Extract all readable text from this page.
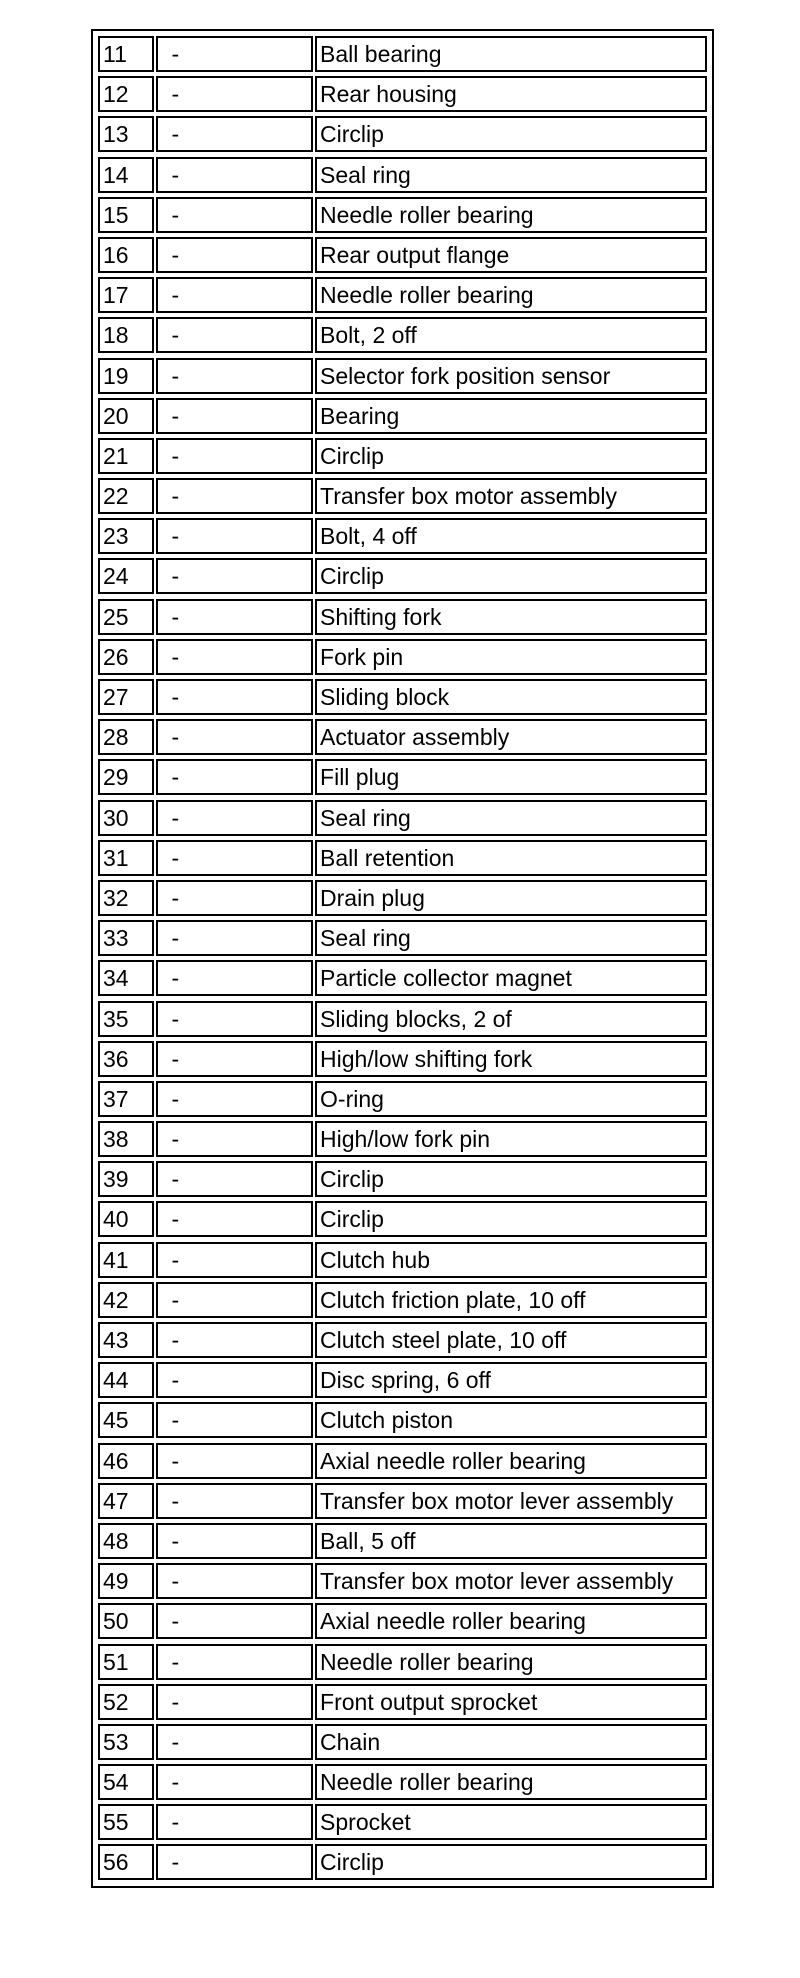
11	-	Ball bearing
12	-	Rear housing
13	-	Circlip
14	-	Seal ring
15	-	Needle roller bearing
16	-	Rear output flange
17	-	Needle roller bearing
18	-	Bolt, 2 off
19	-	Selector fork position sensor
20	-	Bearing
21	-	Circlip
22	-	Transfer box motor assembly
23	-	Bolt, 4 off
24	-	Circlip
25	-	Shifting fork
26	-	Fork pin
27	-	Sliding block
28	-	Actuator assembly
29	-	Fill plug
30	-	Seal ring
31	-	Ball retention
32	-	Drain plug
33	-	Seal ring
34	-	Particle collector magnet
35	-	Sliding blocks, 2 of
36	-	High/low shifting fork
37	-	O-ring
38	-	High/low fork pin
39	-	Circlip
40	-	Circlip
41	-	Clutch hub
42	-	Clutch friction plate, 10 off
43	-	Clutch steel plate, 10 off
44	-	Disc spring, 6 off
45	-	Clutch piston
46	-	Axial needle roller bearing
47	-	Transfer box motor lever assembly
48	-	Ball, 5 off
49	-	Transfer box motor lever assembly
50	-	Axial needle roller bearing
51	-	Needle roller bearing
52	-	Front output sprocket
53	-	Chain
54	-	Needle roller bearing
55	-	Sprocket
56	-	Circlip
